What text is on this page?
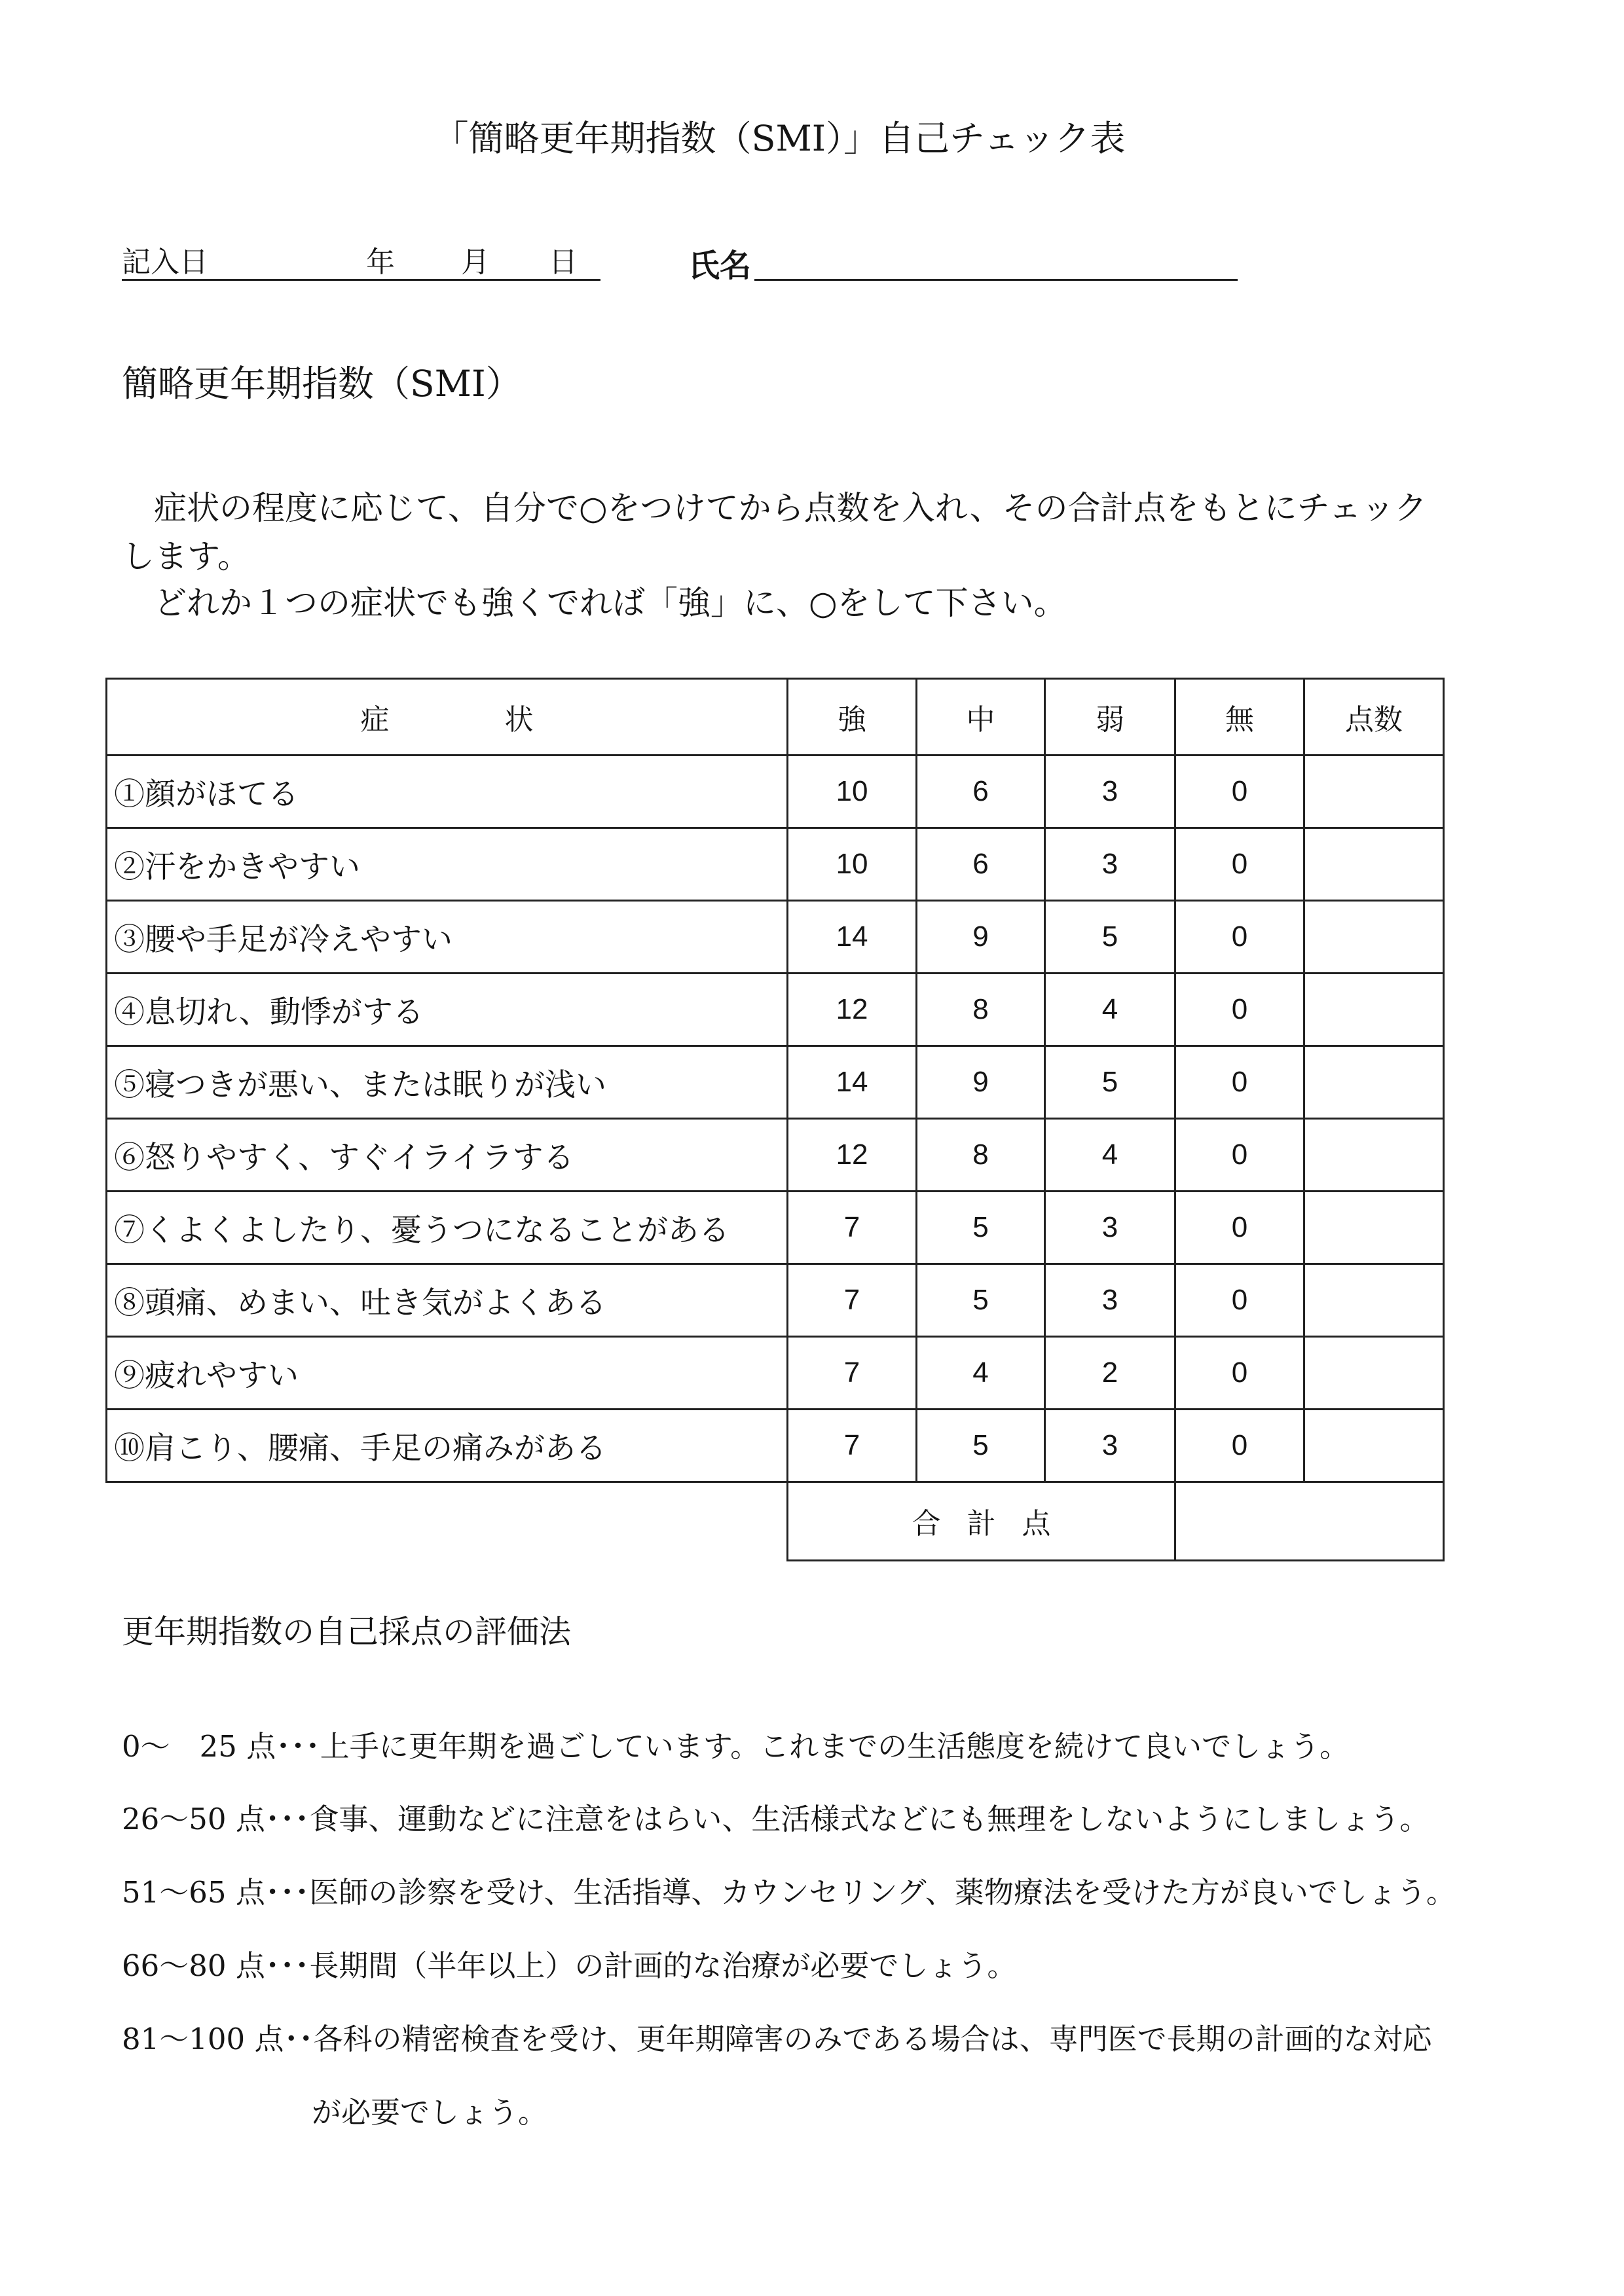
「簡略更年期指数（SMI）」自己チェック表
記入日	年 月 日	氏名
簡略更年期指数（SMI）
症状の程度に応じて、自分で○をつけてから点数を入れ、その合計点をもとにチェック
します。
どれか１つの症状でも強くでれば「強」に、○をして下さい。
症　　　　状	強	中	弱	無	点数
①顔がほてる	10	6	3	0	
②汗をかきやすい	10	6	3	0	
③腰や手足が冷えやすい	14	9	5	0	
④息切れ、動悸がする	12	8	4	0	
⑤寝つきが悪い、または眠りが浅い	14	9	5	0	
⑥怒りやすく、すぐイライラする	12	8	4	0	
⑦くよくよしたり、憂うつになることがある	7	5	3	0	
⑧頭痛、めまい、吐き気がよくある	7	5	3	0	
⑨疲れやすい	7	4	2	0	
⑩肩こり、腰痛、手足の痛みがある	7	5	3	0	
合計点	
更年期指数の自己採点の評価法
0～　25 点･･･上手に更年期を過ごしています。これまでの生活態度を続けて良いでしょう。
26～50 点･･･食事、運動などに注意をはらい、生活様式などにも無理をしないようにしましょう。
51～65 点･･･医師の診察を受け、生活指導、カウンセリング、薬物療法を受けた方が良いでしょう。
66～80 点･･･長期間（半年以上）の計画的な治療が必要でしょう。
81～100 点･･各科の精密検査を受け、更年期障害のみである場合は、専門医で長期の計画的な対応
が必要でしょう。
